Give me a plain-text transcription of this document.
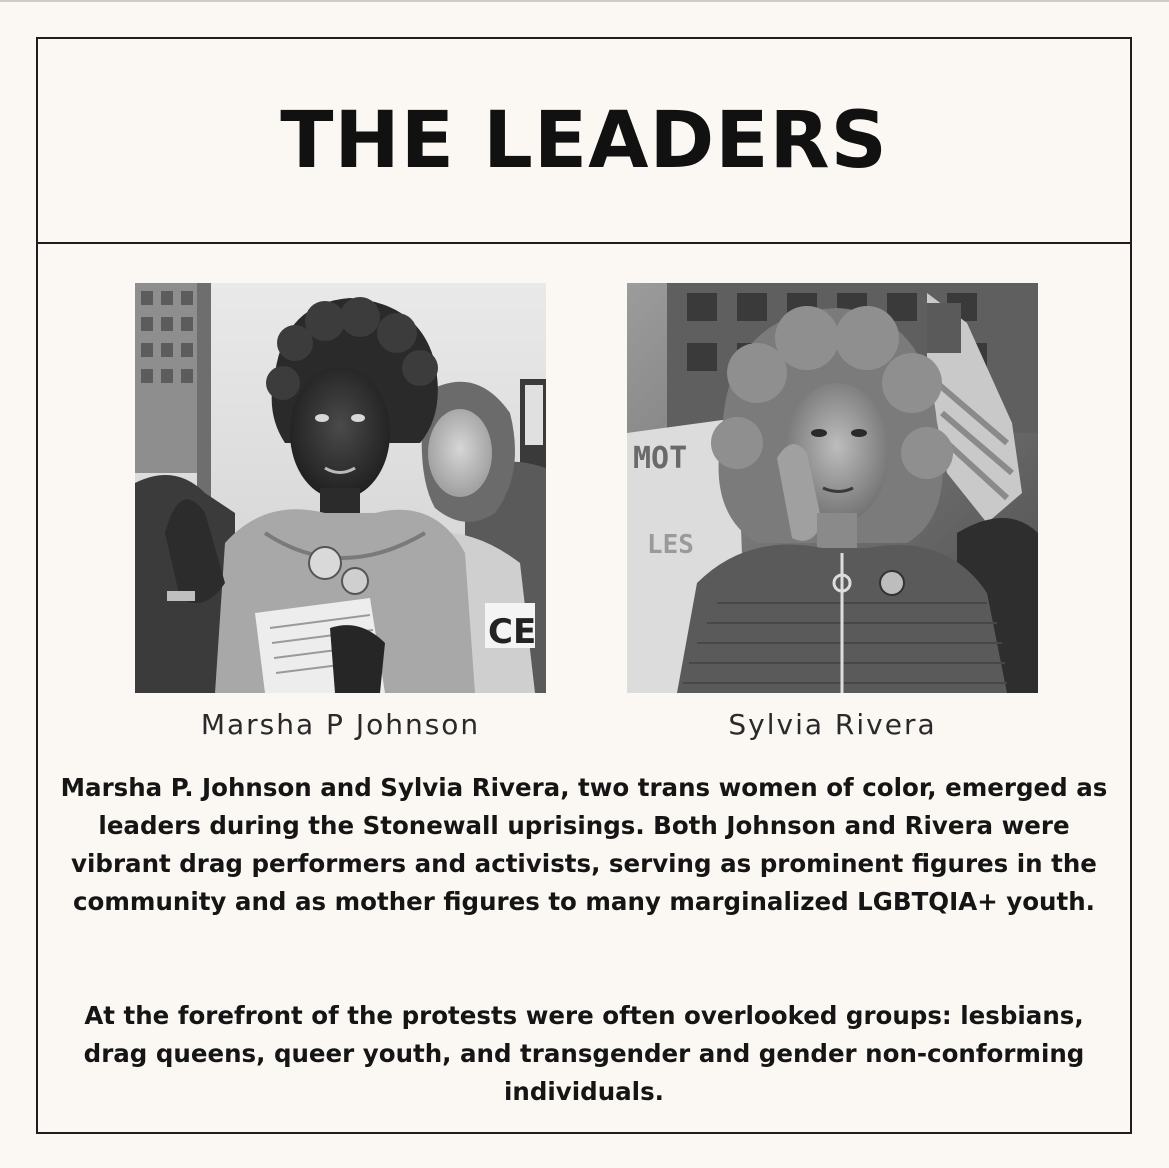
THE LEADERS
CE
MOT
LES
Marsha P Johnson	Sylvia Rivera

Marsha P. Johnson and Sylvia Rivera, two trans women of color, emerged as leaders during the Stonewall uprisings. Both Johnson and Rivera were vibrant drag performers and activists, serving as prominent figures in the community and as mother figures to many marginalized LGBTQIA+ youth.

At the forefront of the protests were often overlooked groups: lesbians, drag queens, queer youth, and transgender and gender non-conforming individuals.
